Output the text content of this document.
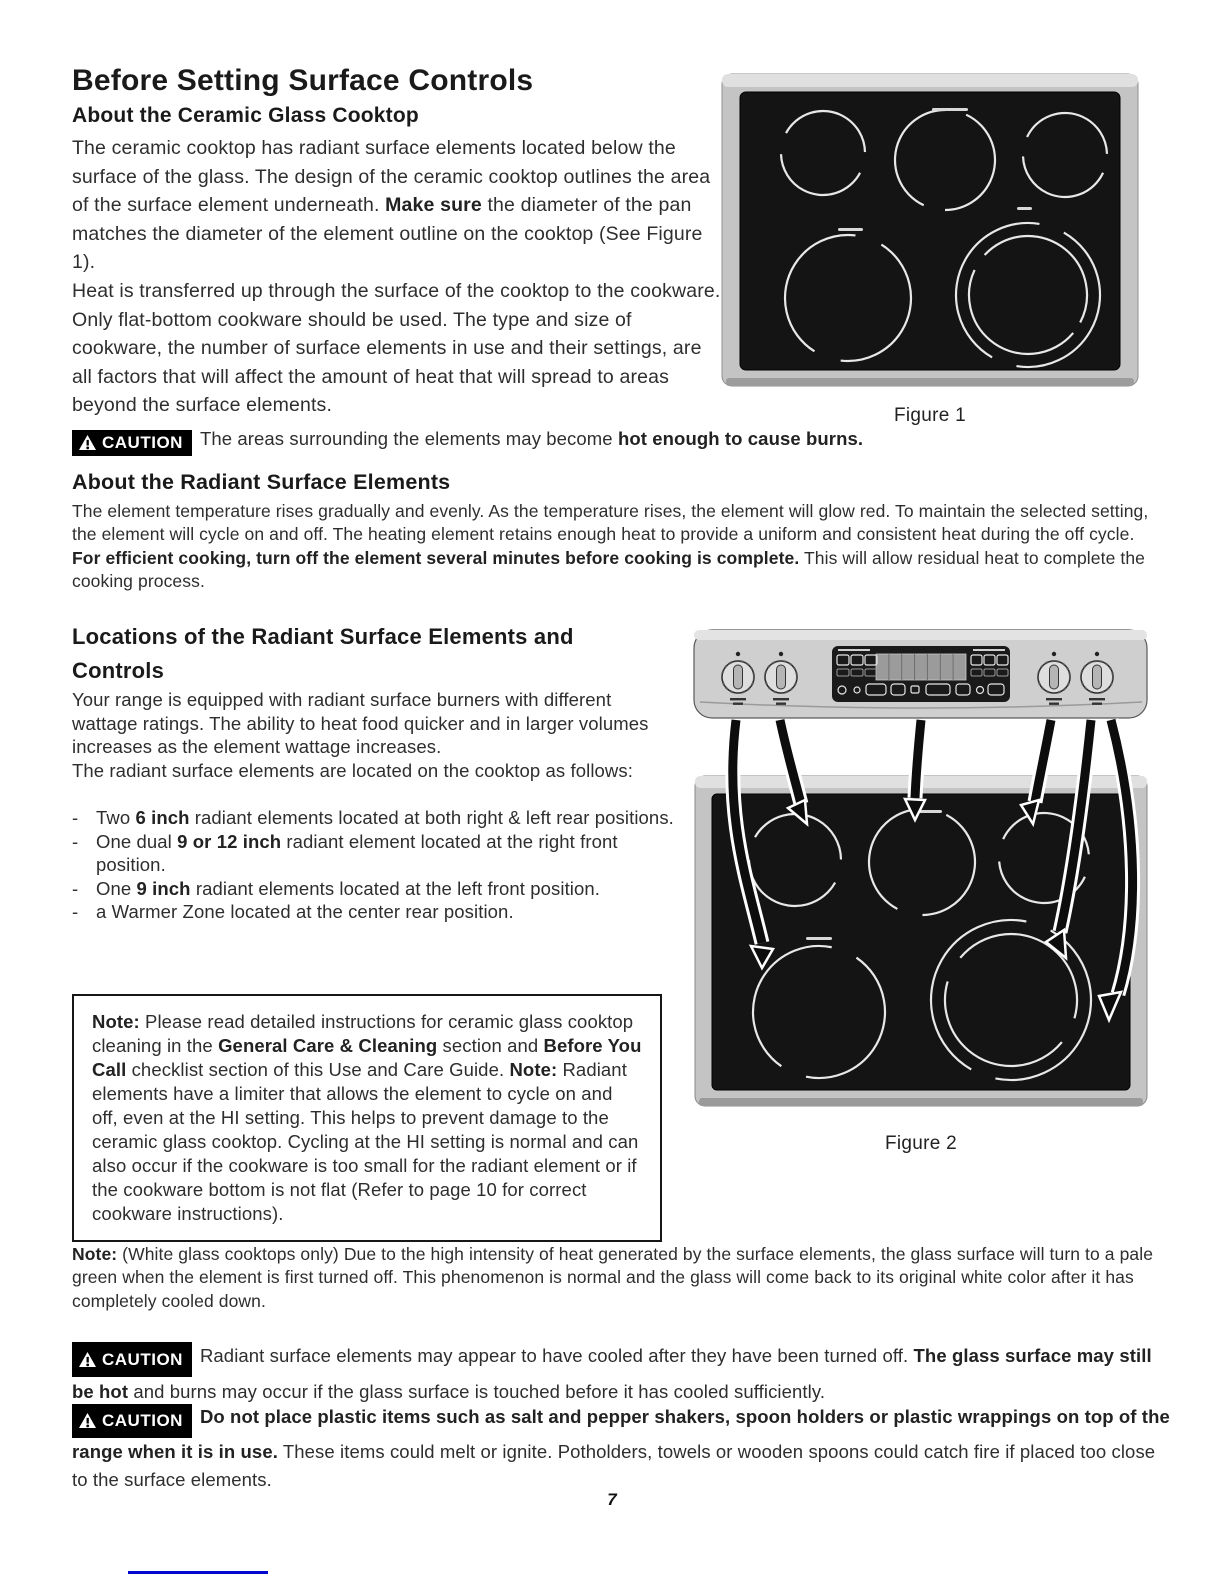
Before Setting Surface Controls
About the Ceramic Glass Cooktop

The ceramic cooktop has radiant surface elements located below the surface of the glass. The design of the ceramic cooktop outlines the area of the surface element underneath. Make sure the diameter of the pan matches the diameter of the element outline on the cooktop (See Figure 1).

Heat is transferred up through the surface of the cooktop to the cookware. Only flat-bottom cookware should be used. The type and size of cookware, the number of surface elements in use and their settings, are all factors that will affect the amount of heat that will spread to areas beyond the surface elements.	Figure 1
CAUTION The areas surrounding the elements may become hot enough to cause burns.
About the Radiant Surface Elements

The element temperature rises gradually and evenly. As the temperature rises, the element will glow red. To maintain the selected setting, the element will cycle on and off. The heating element retains enough heat to provide a uniform and consistent heat during the off cycle. For efficient cooking, turn off the element several minutes before cooking is complete. This will allow residual heat to complete the cooking process.

Locations of the Radiant Surface Elements and Controls

Your range is equipped with radiant surface burners with different wattage ratings. The ability to heat food quicker and in larger volumes increases as the element wattage increases.

The radiant surface elements are located on the cooktop as follows:

- Two 6 inch radiant elements located at both right & left rear positions.
- One dual 9 or 12 inch radiant element located at the right front position.
- One 9 inch radiant elements located at the left front position.
- a Warmer Zone located at the center rear position.
Note: Please read detailed instructions for ceramic glass cooktop cleaning in the General Care & Cleaning section and Before You Call checklist section of this Use and Care Guide. Note: Radiant elements have a limiter that allows the element to cycle on and off, even at the HI setting. This helps to prevent damage to the ceramic glass cooktop. Cycling at the HI setting is normal and can also occur if the cookware is too small for the radiant element or if the cookware bottom is not flat (Refer to page 10 for correct cookware instructions).
Figure 2

Note: (White glass cooktops only) Due to the high intensity of heat generated by the surface elements, the glass surface will turn to a pale green when the element is first turned off. This phenomenon is normal and the glass will come back to its original white color after it has completely cooled down.

CAUTION Radiant surface elements may appear to have cooled after they have been turned off. The glass surface may still be hot and burns may occur if the glass surface is touched before it has cooled sufficiently.
CAUTION Do not place plastic items such as salt and pepper shakers, spoon holders or plastic wrappings on top of the range when it is in use. These items could melt or ignite. Potholders, towels or wooden spoons could catch fire if placed too close to the surface elements.
7
